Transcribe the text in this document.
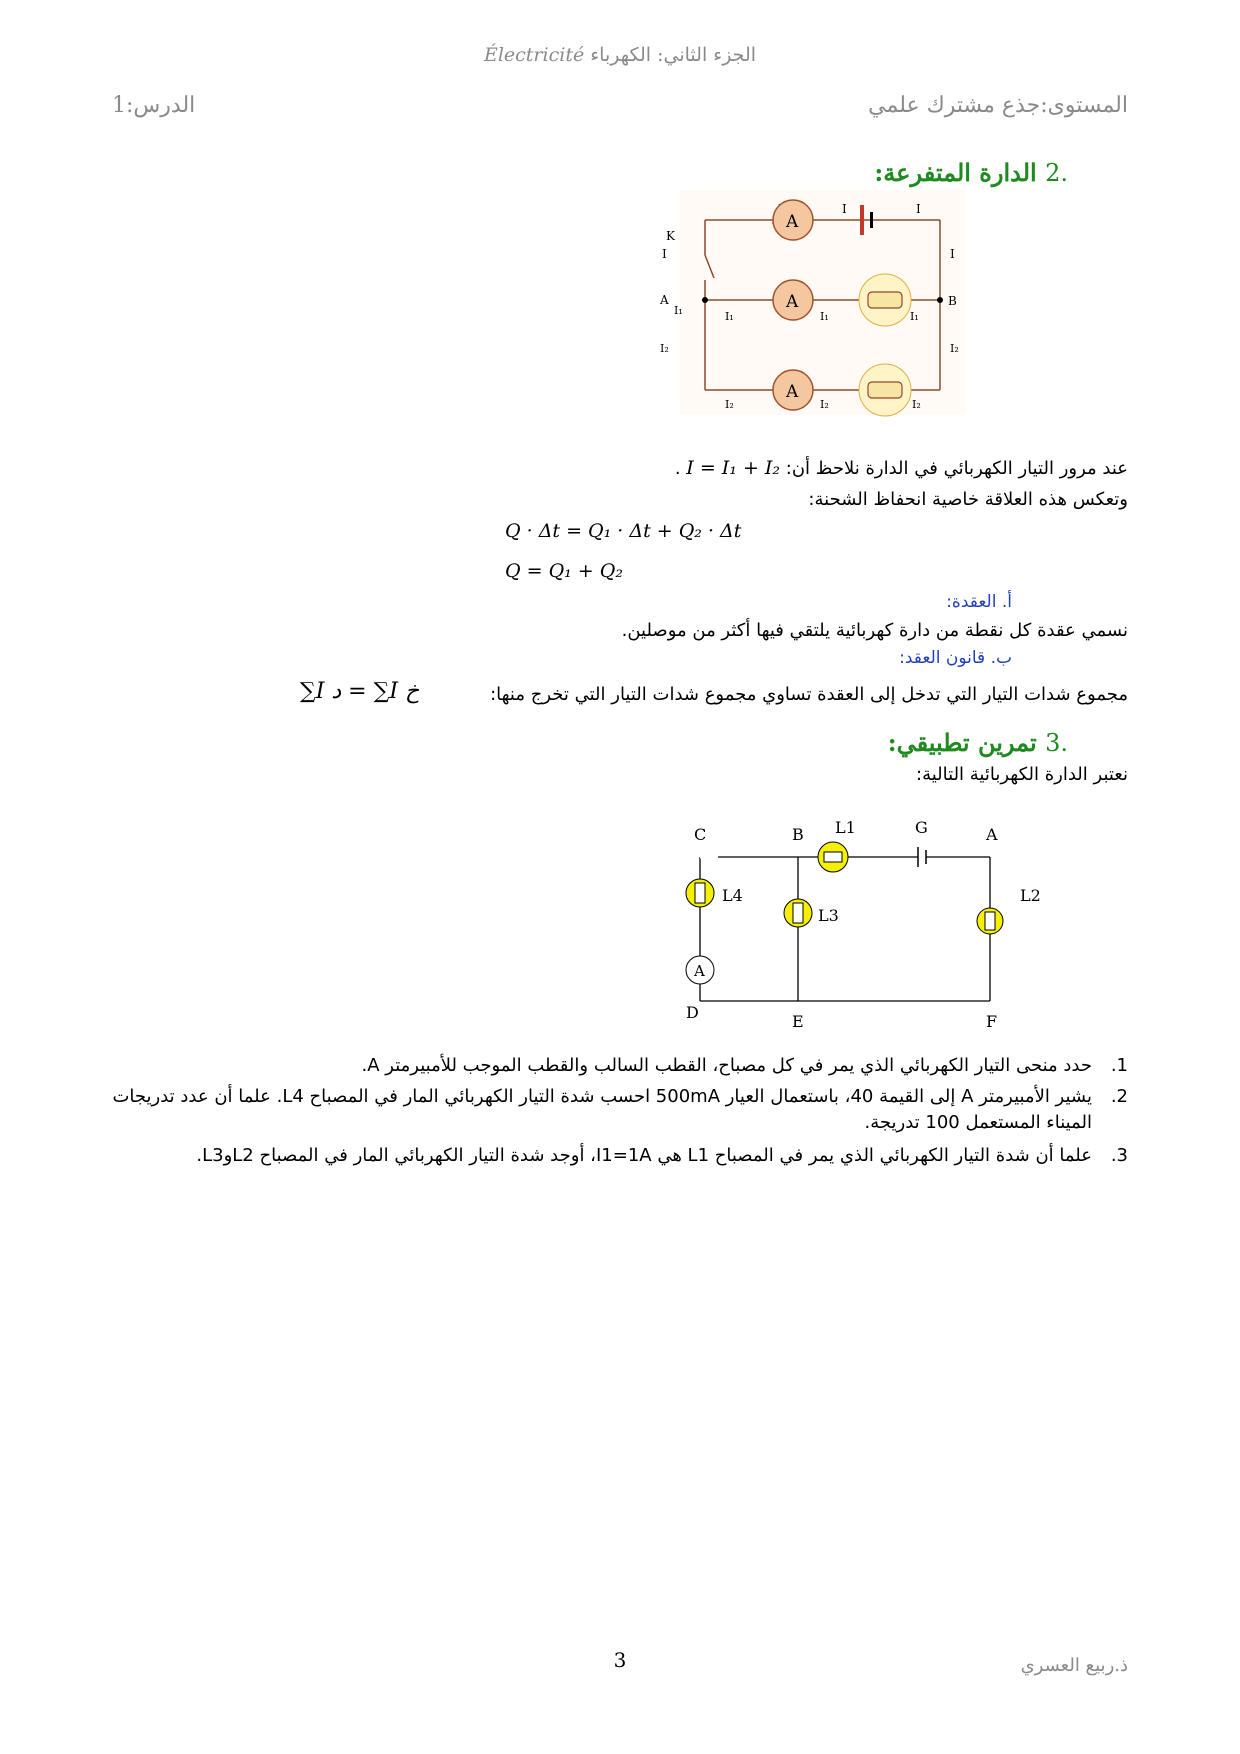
الجزء الثاني: الكهرباء Électricité
المستوى:جذع مشترك علمي
الدرس:1
.2 الدارة المتفرعة:
A
I	I
K
I
I
A	A	B
I₁	I₁	I₁	I₁
I₂	I₂
A
I₂	I₂	I₂
عند مرور التيار الكهربائي في الدارة نلاحظ أن: I = I₁ + I₂ .
وتعكس هذه العلاقة خاصية انحفاظ الشحنة:
Q · Δt = Q₁ · Δt + Q₂ · Δt
Q = Q₁ + Q₂
أ. العقدة:
نسمي عقدة كل نقطة من دارة كهربائية يلتقي فيها أكثر من موصلين.
ب. قانون العقد:
مجموع شدات التيار التي تدخل إلى العقدة تساوي مجموع شدات التيار التي تخرج منها:
∑I د = ∑I خ
.3 تمرين تطبيقي:
نعتبر الدارة الكهربائية التالية:
C	B L1	G	A
L4
L3
L2
A
D	E	F
.1
حدد منحى التيار الكهربائي الذي يمر في كل مصباح، القطب السالب والقطب الموجب للأمبيرمتر A.
.2
يشير الأمبيرمتر A إلى القيمة 40، باستعمال العيار 500mA احسب شدة التيار الكهربائي المار في المصباح L4. علما أن عدد تدريجات الميناء المستعمل 100 تدريجة.
.3
علما أن شدة التيار الكهربائي الذي يمر في المصباح L1 هي I1=1A، أوجد شدة التيار الكهربائي المار في المصباح L2وL3.
3	ذ.ربيع العسري
